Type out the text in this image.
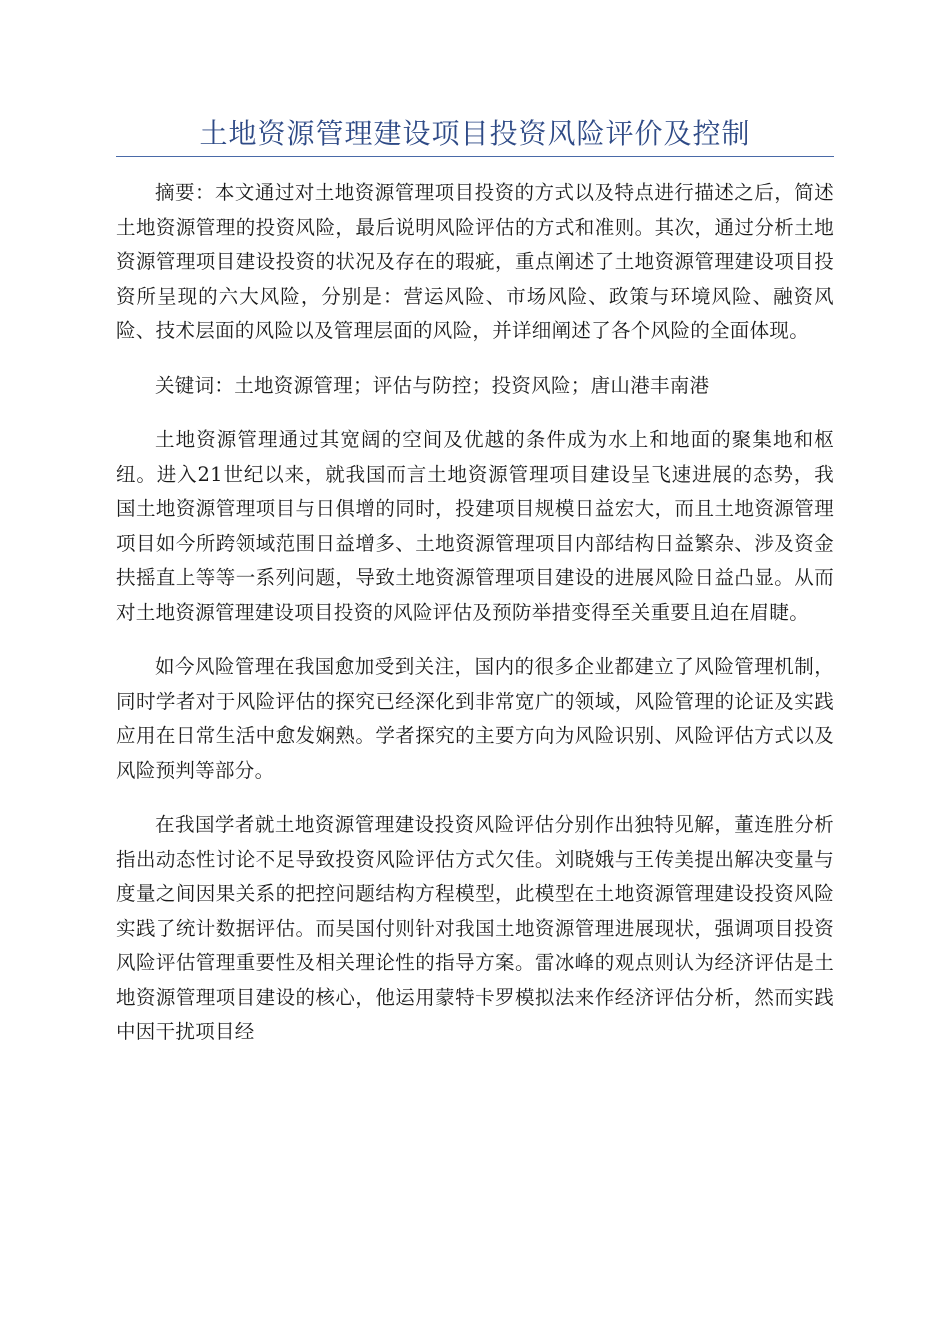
土地资源管理建设项目投资风险评价及控制

摘要：本文通过对土地资源管理项目投资的方式以及特点进行描述之后，简述土地资源管理的投资风险，最后说明风险评估的方式和准则。其次，通过分析土地资源管理项目建设投资的状况及存在的瑕疵，重点阐述了土地资源管理建设项目投资所呈现的六大风险，分别是：营运风险、市场风险、政策与环境风险、融资风险、技术层面的风险以及管理层面的风险，并详细阐述了各个风险的全面体现。

关键词：土地资源管理；评估与防控；投资风险；唐山港丰南港

土地资源管理通过其宽阔的空间及优越的条件成为水上和地面的聚集地和枢纽。进入21世纪以来，就我国而言土地资源管理项目建设呈飞速进展的态势，我国土地资源管理项目与日俱增的同时，投建项目规模日益宏大，而且土地资源管理项目如今所跨领域范围日益增多、土地资源管理项目内部结构日益繁杂、涉及资金扶摇直上等等一系列问题，导致土地资源管理项目建设的进展风险日益凸显。从而对土地资源管理建设项目投资的风险评估及预防举措变得至关重要且迫在眉睫。

如今风险管理在我国愈加受到关注，国内的很多企业都建立了风险管理机制，同时学者对于风险评估的探究已经深化到非常宽广的领域，风险管理的论证及实践应用在日常生活中愈发娴熟。学者探究的主要方向为风险识别、风险评估方式以及风险预判等部分。

在我国学者就土地资源管理建设投资风险评估分别作出独特见解，董连胜分析指出动态性讨论不足导致投资风险评估方式欠佳。刘晓娥与王传美提出解决变量与度量之间因果关系的把控问题结构方程模型，此模型在土地资源管理建设投资风险实践了统计数据评估。而吴国付则针对我国土地资源管理进展现状，强调项目投资风险评估管理重要性及相关理论性的指导方案。雷冰峰的观点则认为经济评估是土地资源管理项目建设的核心，他运用蒙特卡罗模拟法来作经济评估分析，然而实践中因干扰项目经
